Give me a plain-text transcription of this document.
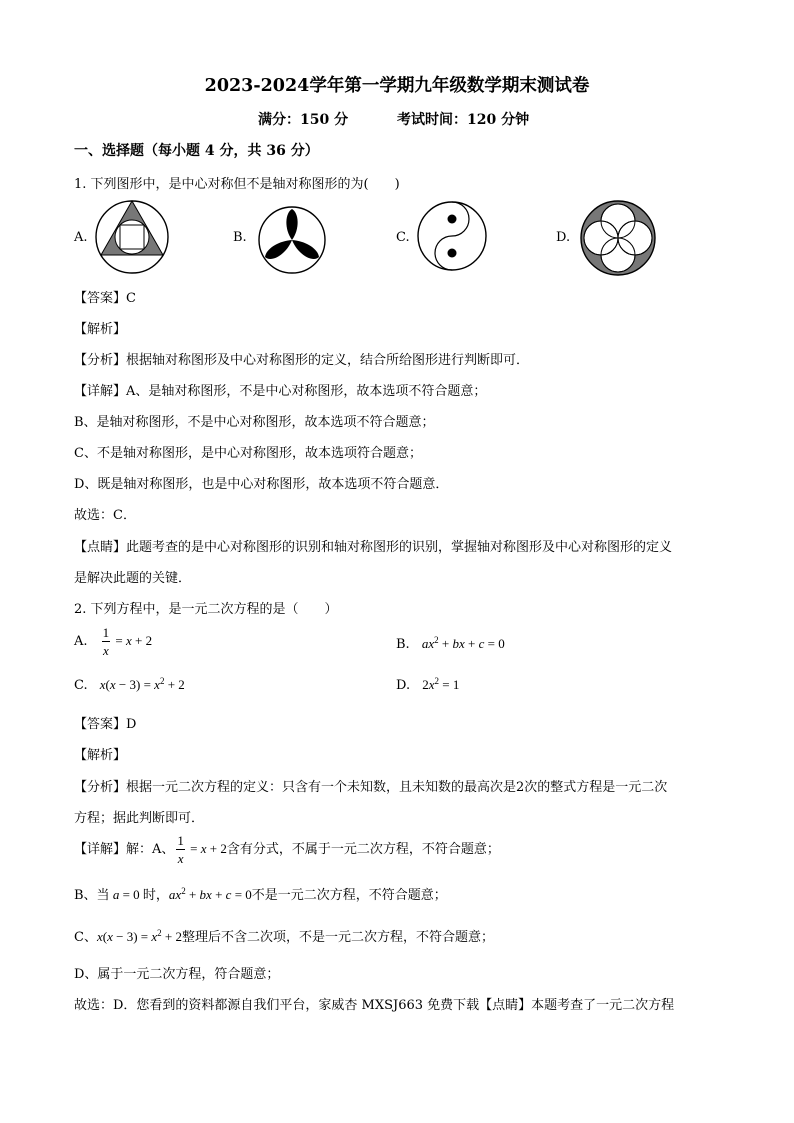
2023-2024学年第一学期九年级数学期末测试卷
满分：150 分	考试时间：120 分钟
一、选择题（每小题 4 分，共 36 分）
1. 下列图形中，是中心对称但不是轴对称图形的为(　　)
A.	B.	C.	D.
【答案】C
【解析】
【分析】根据轴对称图形及中心对称图形的定义，结合所给图形进行判断即可．
【详解】A、是轴对称图形，不是中心对称图形，故本选项不符合题意；
B、是轴对称图形，不是中心对称图形，故本选项不符合题意；
C、不是轴对称图形，是中心对称图形，故本选项符合题意；
D、既是轴对称图形，也是中心对称图形，故本选项不符合题意．
故选：C．
【点睛】此题考查的是中心对称图形的识别和轴对称图形的识别，掌握轴对称图形及中心对称图形的定义
是解决此题的关键．
2. 下列方程中，是一元二次方程的是（　　）
A. $\frac{1}{x} = x + 2$	B. $ax^2$ + bx + c = 0
C. $x(x - 3) = x^2 + 2$	D. $2x^2 = 1$
【答案】D
【解析】
【分析】根据一元二次方程的定义：只含有一个未知数，且未知数的最高次是2次的整式方程是一元二次
方程；据此判断即可．
【详解】解：A、 $\frac{1}{x} = x + 2$含有分式，不属于一元二次方程，不符合题意；
B、当 a = 0 时，$ax^2$ + bx + c = 0不是一元二次方程，不符合题意；
C、$x(x - 3) = x^2 + 2$整理后不含二次项，不是一元二次方程，不符合题意；
D、属于一元二次方程，符合题意；
故选：D．您看到的资料都源自我们平台，家威杏 MXSJ663 免费下载【点睛】本题考查了一元二次方程
